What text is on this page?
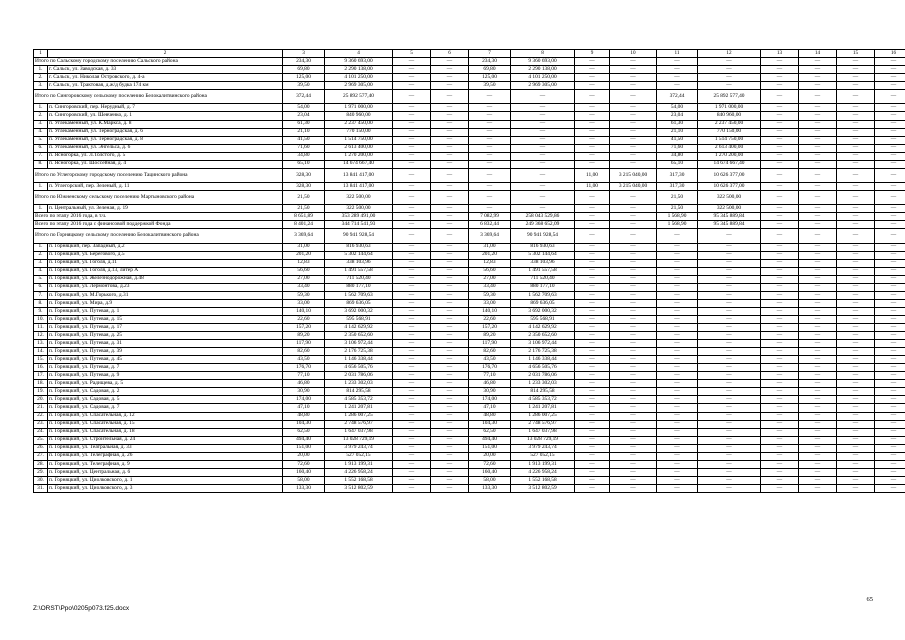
1	2	3	4	5	6	7	8	9	10	11	12	13	14	15	16
Итого по Сальскому городскому поселению Сальского района		234,30	9 360 693,00	—	—	234,30	9 360 693,00	—	—	—	—	—	—	—	—
1.	г. Сальск, ул. Заводская, д. 33	69,80	2 290 138,00	—	—	69,80	2 290 138,00	—	—	—	—	—	—	—	—
2.	г. Сальск, ул. Николая Островского, д. 4-а	125,00	4 101 250,00	—	—	125,00	4 101 250,00	—	—	—	—	—	—	—	—
3.	г. Сальск, ул. Трактовая, д.ж/д будка 174 км	39,50	2 969 305,00	—	—	39,50	2 969 305,00	—	—	—	—	—	—	—	—
Итого по Сингоровскому сельскому поселению Белокалитвинского района		372,44	25 892 577,40	—	—	—	—	—	—	372,44	25 892 577,40	—	—	—	—
1.	п. Сингоровский, пер. Нерудный, д. 7	54,00	1 971 000,00	—	—	—	—	—	—	54,00	1 971 000,00	—	—	—	—
2.	п. Сингоровский, ул. Шевченко, д. 1	23,04	840 960,00	—	—	—	—	—	—	23,04	840 960,00	—	—	—	—
3.	п. Углекаменный, ул. К.Маркса, д. 8	61,30	2 237 450,00	—	—	—	—	—	—	61,30	2 237 450,00	—	—	—	—
4.	п. Углекаменный, ул. Терноградская, д. 6	21,10	770 150,00	—	—	—	—	—	—	21,10	770 150,00	—	—	—	—
5.	п. Углекаменный, ул. Терноградская, д. 8	41,50	1 514 750,00	—	—	—	—	—	—	41,50	1 514 750,00	—	—	—	—
6.	п. Углекаменный, ул. Энгельса, д. 6	71,60	2 613 400,00	—	—	—	—	—	—	71,60	2 613 400,00	—	—	—	—
7.	п. Ясногорка, ул. Л.Толстого, д. 5	34,80	1 270 200,00	—	—	—	—	—	—	34,80	1 270 200,00	—	—	—	—
8.	п. Ясногорка, ул. Шоссейная, д. 4	65,10	14 674 667,40	—	—	—	—	—	—	65,10	14 674 667,40	—	—	—	—
Итого по Углегорскому городскому поселению Тацинского района		328,30	13 841 417,00	—	—	—	—	11,00	3 215 040,00	317,30	10 626 377,00	—	—	—	—
1.	п. Углегорский, пер. Зеленый, д. 11	328,30	13 841 417,00	—	—	—	—	11,00	3 215 040,00	317,30	10 626 377,00	—	—	—	—
Итого по Южненскому сельскому поселению Мартыновского района		21,50	322 500,00	—	—	—	—	—	—	21,50	322 500,00	—	—	—	—
1.	п. Центральный, ул. Зеленая, д. 19	21,50	322 500,00	—	—	—	—	—	—	21,50	322 500,00	—	—	—	—
Всего по этапу 2016 года, в т.ч.		8 651,89	353 289 491,00	—	—	7 082,99	258 043 529,86	—	—	1 568,90	95 345 889,84	—	—	—	—
Всего по этапу 2016 года с финансовой поддержкой Фонда		8 401,24	344 714 541,93	—	—	6 832,44	249 368 652,09	—	—	1 568,90	95 345 889,84	—	—	—	—
Итого по Горняцкому сельскому поселению Белокалитвинского района		3 369,64	90 941 928,54	—	—	3 369,64	90 941 928,54	—	—	—	—	—	—	—	—
1.	п. Горняцкий, пер. Западный, д.2	31,00	816 930,63	—	—	31,00	816 930,63	—	—	—	—	—	—	—	—
2.	п. Горняцкий, ул. Берегового, д.5	201,20	5 302 144,64	—	—	201,20	5 302 144,64	—	—	—	—	—	—	—	—
3.	п. Горняцкий, ул. Гоголя, д.11	12,83	338 103,96	—	—	12,83	338 103,96	—	—	—	—	—	—	—	—
4.	п. Горняцкий, ул. Гоголя, д.13, литер А	56,60	1 491 557,58	—	—	56,60	1 491 557,58	—	—	—	—	—	—	—	—
5.	п. Горняцкий, ул. Железнодорожная, д.48	27,00	711 520,40	—	—	27,00	711 520,40	—	—	—	—	—	—	—	—
6.	п. Горняцкий, ул. Лермонтова, д.23	33,40	880 177,10	—	—	33,40	880 177,10	—	—	—	—	—	—	—	—
7.	п. Горняцкий, ул. М.Горького, д.31	59,30	1 562 709,63	—	—	59,30	1 562 709,63	—	—	—	—	—	—	—	—
8.	п. Горняцкий, ул. Мира, д.9	33,00	869 636,05	—	—	33,00	869 636,05	—	—	—	—	—	—	—	—
9.	п. Горняцкий, ул. Путевая, д. 1	140,10	3 692 000,32	—	—	140,10	3 692 000,32	—	—	—	—	—	—	—	—
10.	п. Горняцкий, ул. Путевая, д. 15	22,60	595 568,91	—	—	22,60	595 568,91	—	—	—	—	—	—	—	—
11.	п. Горняцкий, ул. Путевая, д. 17	157,20	4 142 629,92	—	—	157,20	4 142 629,92	—	—	—	—	—	—	—	—
12.	п. Горняцкий, ул. Путевая, д. 25	89,20	2 350 652,60	—	—	89,20	2 350 652,60	—	—	—	—	—	—	—	—
13.	п. Горняцкий, ул. Путевая, д. 31	117,90	3 106 972,44	—	—	117,90	3 106 972,44	—	—	—	—	—	—	—	—
14.	п. Горняцкий, ул. Путевая, д. 39	82,60	2 176 725,38	—	—	82,60	2 176 725,38	—	—	—	—	—	—	—	—
15.	п. Горняцкий, ул. Путевая, д. 45	43,50	1 146 338,44	—	—	43,50	1 146 338,44	—	—	—	—	—	—	—	—
16.	п. Горняцкий, ул. Путевая, д. 7	176,70	4 656 505,76	—	—	176,70	4 656 505,76	—	—	—	—	—	—	—	—
17.	п. Горняцкий, ул. Путевая, д. 9	77,10	2 031 786,06	—	—	77,10	2 031 786,06	—	—	—	—	—	—	—	—
18.	п. Горняцкий, ул. Радищева, д. 5	46,80	1 233 302,03	—	—	46,80	1 233 302,03	—	—	—	—	—	—	—	—
19.	п. Горняцкий, ул. Садовая, д. 2	30,90	814 295,58	—	—	30,90	814 295,58	—	—	—	—	—	—	—	—
20.	п. Горняцкий, ул. Садовая, д. 5	174,00	4 585 353,72	—	—	174,00	4 585 353,72	—	—	—	—	—	—	—	—
21.	п. Горняцкий, ул. Садовая, д. 7	47,10	1 241 207,81	—	—	47,10	1 241 207,81	—	—	—	—	—	—	—	—
22.	п. Горняцкий, ул. Спасательная, д. 12	48,80	1 286 007,25	—	—	48,80	1 286 007,25	—	—	—	—	—	—	—	—
23.	п. Горняцкий, ул. Спасательная, д. 15	104,30	2 748 576,97	—	—	104,30	2 748 576,97	—	—	—	—	—	—	—	—
24.	п. Горняцкий, ул. Спасательная, д. 18	62,50	1 647 037,98	—	—	62,50	1 647 037,98	—	—	—	—	—	—	—	—
25.	п. Горняцкий, ул. Строительная, д. 24	494,40	13 028 729,19	—	—	494,40	13 028 729,19	—	—	—	—	—	—	—	—
26.	п. Горняцкий, ул. Театральная, д. 33	151,00	3 979 243,74	—	—	151,00	3 979 243,74	—	—	—	—	—	—	—	—
27.	п. Горняцкий, ул. Телеграфная, д. 26	20,00	527 052,15	—	—	20,00	527 052,15	—	—	—	—	—	—	—	—
28.	п. Горняцкий, ул. Телеграфная, д. 9	72,60	1 913 199,31	—	—	72,60	1 913 199,31	—	—	—	—	—	—	—	—
29.	п. Горняцкий, ул. Центральная, д. 6	160,40	4 226 958,24	—	—	160,40	4 226 958,24	—	—	—	—	—	—	—	—
30.	п. Горняцкий, ул. Циолковского, д. 1	58,00	1 552 168,58	—	—	58,00	1 552 168,58	—	—	—	—	—	—	—	—
31.	п. Горняцкий, ул. Циолковского, д. 3	133,30	3 512 802,59	—	—	133,30	3 512 802,59	—	—	—	—	—	—	—	—
65
Z:\ORST\Ppo\0205p073.f25.docx
